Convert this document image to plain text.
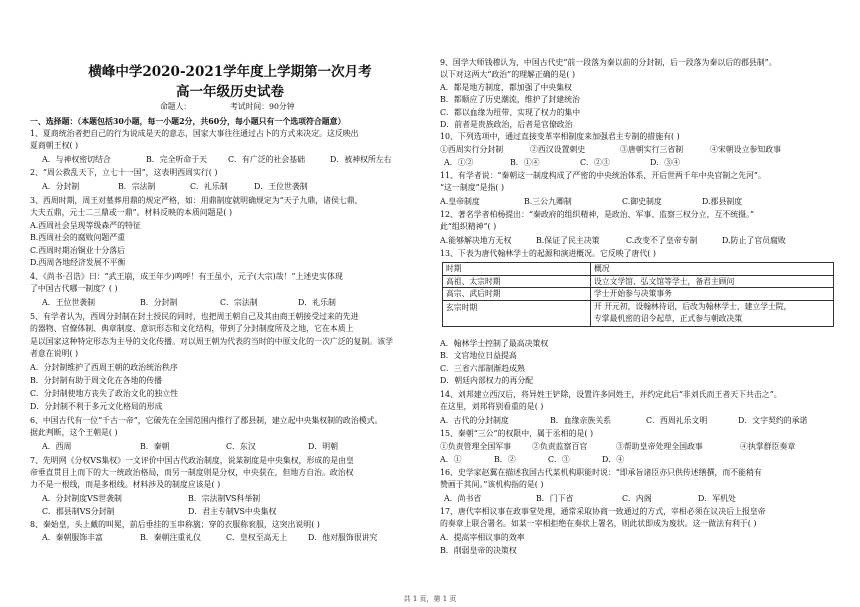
横峰中学2020-2021学年度上学期第一次月考
高一年级历史试卷
命题人：	考试时间：90分钟
一、选择题：（本题包括30小题，每一小题2分，共60分，每小题只有一个选项符合题意）
1、夏商统治者把自己的行为说成是天的意志，国家大事往往通过占卜的方式来决定。这反映出
夏商朝王权( )
A．与神权密切结合	B．完全听命于天	C．有广泛的社会基础	D．被神权所左右
2、“周公救乱天下，立七十一国”，这表明西周实行( )
A．分封制	B．宗法制	C．礼乐制	D．王位世袭制
3、西周时期，周王对墓葬用鼎的规定严格，如：用鼎制度就明确规定为“天子九鼎，诸侯七鼎，
大夫五鼎，元士二三鼎或一鼎”。材料反映的本质问题是( )
A.西周社会呈现等级森严的特征
B.西周社会的腐败问题严重
C.西周时期冶铜业十分落后
D.西周各地经济发展不平衡
4、《尚书·召诰》曰：“武王崩，成王年少)鸣呼！有王虽小，元子(大宗)哉！”上述史实体现
了中国古代哪一制度？( )
A．王位世袭制	B．分封制	C．宗法制	D．礼乐制
5、有学者认为，西周分封制在封土授民的同时，也把周王朝自己及其由商王朝接受过来的先进
的器物、官僚体制、典章制度、意识形态和文化结构，带到了分封制度所及之地，它在本质上
是以国家这种特定形态为主导的文化传播。对以周王朝为代表的当时的中原文化的一次广泛的复制。该学
者意在说明( )
A．分封制维护了西周王朝的政治统治秩序
B．分封制有助于周文化在各地的传播
C．分封制使地方丧失了政治文化的独立性
D．分封制不利于多元文化格局的形成
6、中国古代有一位“千古一帝”，它破先在全国范围内推行了郡县制，建立起中央集权制的政治模式。
据此判断，这个王朝是( )
A．西周	B．秦朝	C．东汉	D．明朝
7、先明网《分权VS集权》一文评价中国古代政治制度，说某制度是中央集权，形成的是由皇
帝垂直贯目上而下的大一统政治格局，而另一制度则是分权，中央获在，但地方自治。政治权
力不是一根线，而是多根线。材料涉及的制度应该是( )
A．分封制度VS世袭制	B．宗法制VS科举制
C．郡县制VS分封制	D．君主专制VS中央集权
8、秦始皇，头上戴的叫冕，前后垂挂的玉串称旒；穿的衣服称衮服，这突出说明( )
A．秦朝服饰丰富	B．秦朝注重礼仪	C．皇权至高无上	D．他对服饰很讲究
9、国学大师钱穆认为，中国古代史“前一段落为秦以前的分封制，后一段落为秦以后的郡县制”。
以下对这两大“政治”的理解正确的是( )
A．都是地方制度，都加强了中央集权
B．都顺应了历史潮流，维护了封建统治
C．都以血缘为纽带、实现了权力的集中
D．前者是贵族政治，后者是官僚政治
10、下列选项中，通过直接变革宰相制度来加强君主专制的措施有( )
①西周实行分封制	②西汉设置刺史	③唐朝实行三省制	④宋朝设立参知政事
A．①②	B．①④	C．②③	D．③④
11、有学者说：“秦朝这一制度构成了严密的中央统治体系，开后世两千年中央官制之先河”。
“这一制度”是指( )
A.皇帝制度	B.三公九卿制	C.御史制度	D.郡县制度
12、著名学者柏杨提出：“秦政府的组织精神，是政治、军事、监察三权分立，互不统摄。”
此“组织精神”( )
A.能够解决地方无权	B.保证了民主决策	C.改变不了皇帝专制	D.防止了官员腐败
13、下表为唐代翰林学士的起源和演进概况。它反映了唐代( )
时期	概况
高祖、太宗时期	设立文学馆、弘文馆等学士，备君主顾问
高宗、武后时期	学士开始参与决策事务
玄宗时期	开 开元初，设翰林待诏，后改为翰林学士，建立学士院，
专掌最机密的诏令起草，正式参与朝政决策
A．翰林学士控制了最高决策权
B．文官地位日益提高
C．三省六部制渐趋成熟
D．朝廷内部权力的再分配
14、刘邦建立西汉后，将异姓王铲除，设置许多同姓王，并约定此后“非刘氏而王者天下共击之”。
在这里，刘邦将别看重的是( )
A．古代的分封制度	B．血缘亲族关系	C．西周礼乐文明	D．文字契约的承诺
15、秦朝“三公”的权限中，属于丞相的是( )
①负责管理全国军事	②负责监察百官	③帮助皇帝处理全国政事	④执掌群臣奏章
A．①	B．②	C．③	D．④
16、史学家赵翼在描述我国古代某机构职能时说：“即承旨诸臣亦只供传述缮撰，而不能稍有
赞画于其间。”该机构指的是( )
A．尚书省	B．门下省	C．内阁	D．军机处
17、唐代宰相议事在政事堂处理，通常采取协商一致通过的方式，宰相必须在议决后上报皇帝
的奏章上联合署名。如某一宰相拒绝在奏状上署名，则此状即成为废状。这一做法有利于( )
A．提高宰相议事的效率
B．削弱皇帝的决策权
共 1 页，第 1 页
